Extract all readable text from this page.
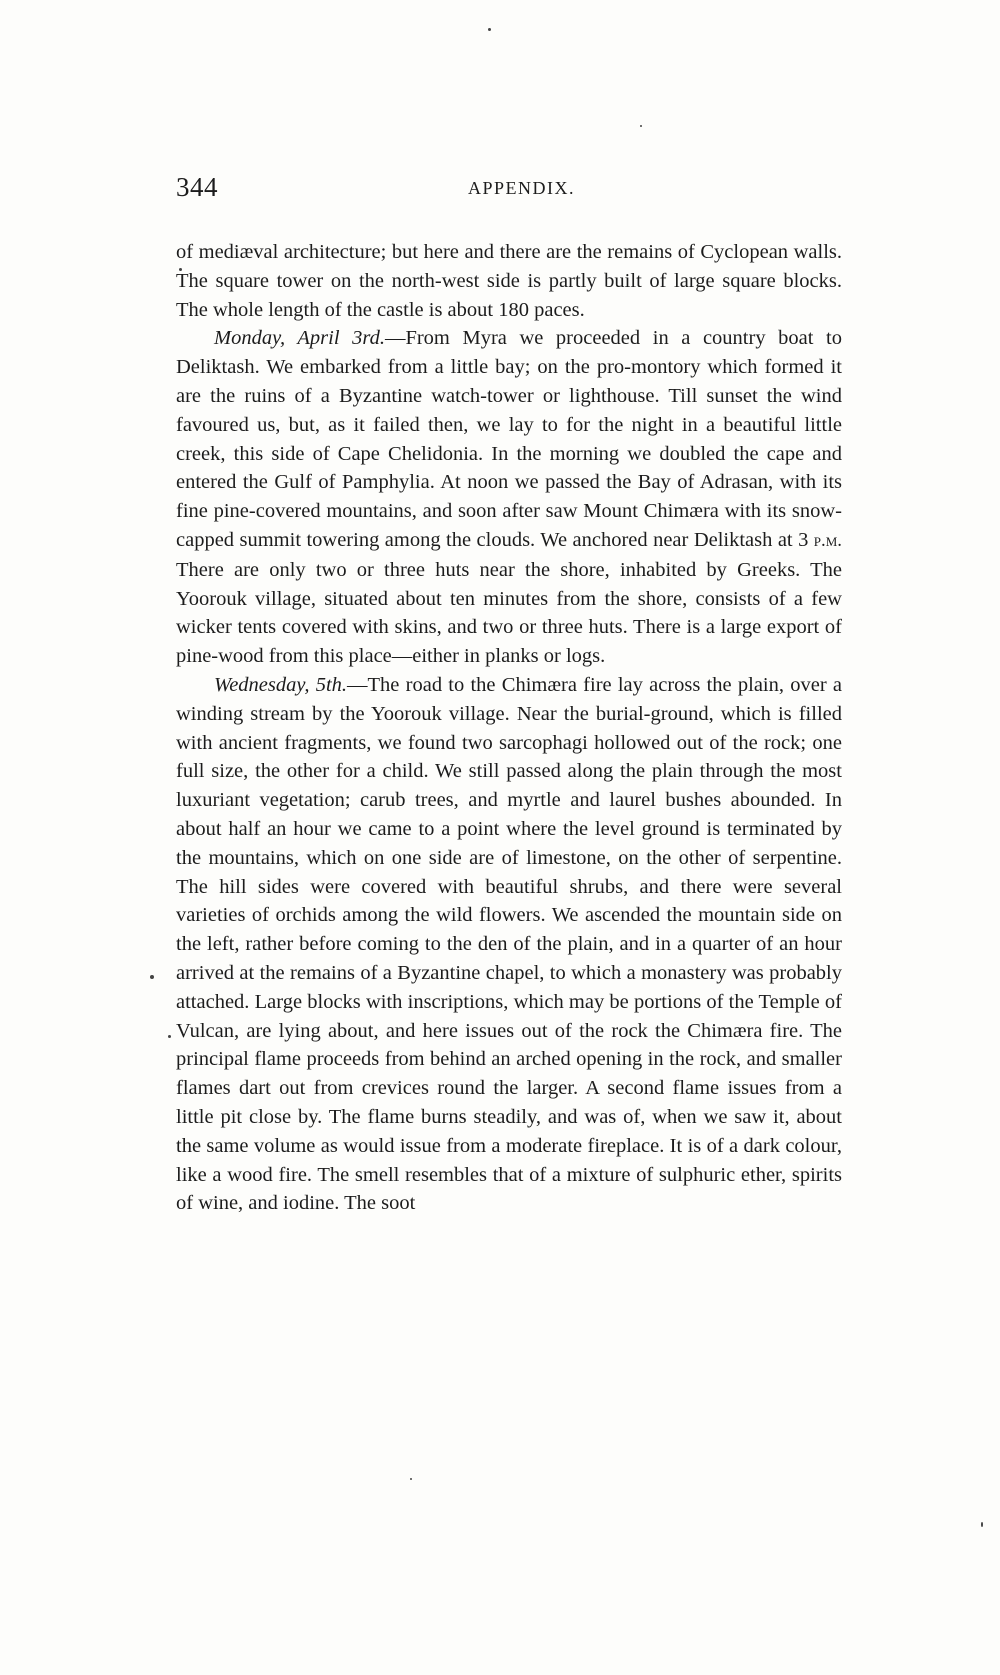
344	APPENDIX.

of mediæval architecture; but here and there are the remains of Cyclopean walls. The square tower on the north-west side is partly built of large square blocks. The whole length of the castle is about 180 paces.

Monday, April 3rd.—From Myra we proceeded in a country boat to Deliktash. We embarked from a little bay; on the pro-montory which formed it are the ruins of a Byzantine watch-tower or lighthouse. Till sunset the wind favoured us, but, as it failed then, we lay to for the night in a beautiful little creek, this side of Cape Chelidonia. In the morning we doubled the cape and entered the Gulf of Pamphylia. At noon we passed the Bay of Adrasan, with its fine pine-covered mountains, and soon after saw Mount Chimæra with its snow-capped summit towering among the clouds. We anchored near Deliktash at 3 p.m. There are only two or three huts near the shore, inhabited by Greeks. The Yoorouk village, situated about ten minutes from the shore, consists of a few wicker tents covered with skins, and two or three huts. There is a large export of pine-wood from this place—either in planks or logs.

Wednesday, 5th.—The road to the Chimæra fire lay across the plain, over a winding stream by the Yoorouk village. Near the burial-ground, which is filled with ancient fragments, we found two sarcophagi hollowed out of the rock; one full size, the other for a child. We still passed along the plain through the most luxuriant vegetation; carub trees, and myrtle and laurel bushes abounded. In about half an hour we came to a point where the level ground is terminated by the mountains, which on one side are of limestone, on the other of serpentine. The hill sides were covered with beautiful shrubs, and there were several varieties of orchids among the wild flowers. We ascended the mountain side on the left, rather before coming to the den of the plain, and in a quarter of an hour arrived at the remains of a Byzantine chapel, to which a monastery was probably attached. Large blocks with inscriptions, which may be portions of the Temple of Vulcan, are lying about, and here issues out of the rock the Chimæra fire. The principal flame proceeds from behind an arched opening in the rock, and smaller flames dart out from crevices round the larger. A second flame issues from a little pit close by. The flame burns steadily, and was of, when we saw it, about the same volume as would issue from a moderate fireplace. It is of a dark colour, like a wood fire. The smell resembles that of a mixture of sulphuric ether, spirits of wine, and iodine. The soot
